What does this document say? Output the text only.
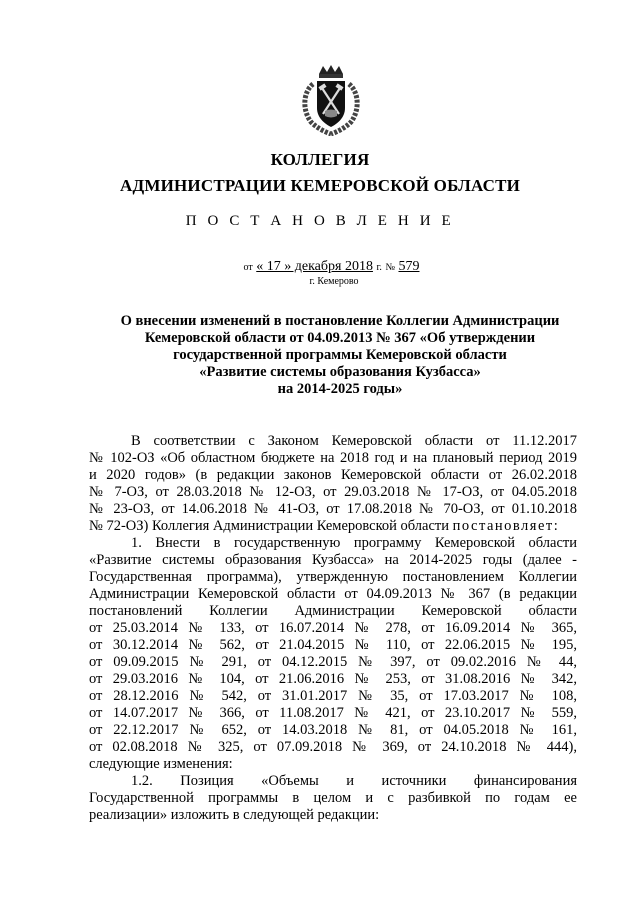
КОЛЛЕГИЯ
АДМИНИСТРАЦИИ КЕМЕРОВСКОЙ ОБЛАСТИ
П О С Т А Н О В Л Е Н И Е
от « 17 » декабря 2018 г. № 579
г. Кемерово
О внесении изменений в постановление Коллегии Администрации
Кемеровской области от 04.09.2013 № 367 «Об утверждении
государственной программы Кемеровской области
«Развитие системы образования Кузбасса»
на 2014-2025 годы»
В соответствии с Законом Кемеровской области от 11.12.2017
№ 102-ОЗ «Об областном бюджете на 2018 год и на плановый период 2019
и 2020 годов» (в редакции законов Кемеровской области от 26.02.2018
№ 7-ОЗ, от 28.03.2018 № 12-ОЗ, от 29.03.2018 № 17-ОЗ, от 04.05.2018
№ 23-ОЗ, от 14.06.2018 № 41-ОЗ, от 17.08.2018 № 70-ОЗ, от 01.10.2018
№ 72-ОЗ) Коллегия Администрации Кемеровской области постановляет:
1. Внести в государственную программу Кемеровской области
«Развитие системы образования Кузбасса» на 2014-2025 годы (далее -
Государственная программа), утвержденную постановлением Коллегии
Администрации Кемеровской области от 04.09.2013 № 367 (в редакции
постановлений Коллегии Администрации Кемеровской области
от 25.03.2014 № 133, от 16.07.2014 № 278, от 16.09.2014 № 365,
от 30.12.2014 № 562, от 21.04.2015 № 110, от 22.06.2015 № 195,
от 09.09.2015 № 291, от 04.12.2015 № 397, от 09.02.2016 № 44,
от 29.03.2016 № 104, от 21.06.2016 № 253, от 31.08.2016 № 342,
от 28.12.2016 № 542, от 31.01.2017 № 35, от 17.03.2017 № 108,
от 14.07.2017 № 366, от 11.08.2017 № 421, от 23.10.2017 № 559,
от 22.12.2017 № 652, от 14.03.2018 № 81, от 04.05.2018 № 161,
от 02.08.2018 № 325, от 07.09.2018 № 369, от 24.10.2018 № 444),
следующие изменения:
1.2. Позиция «Объемы и источники финансирования
Государственной программы в целом и с разбивкой по годам ее
реализации» изложить в следующей редакции:
